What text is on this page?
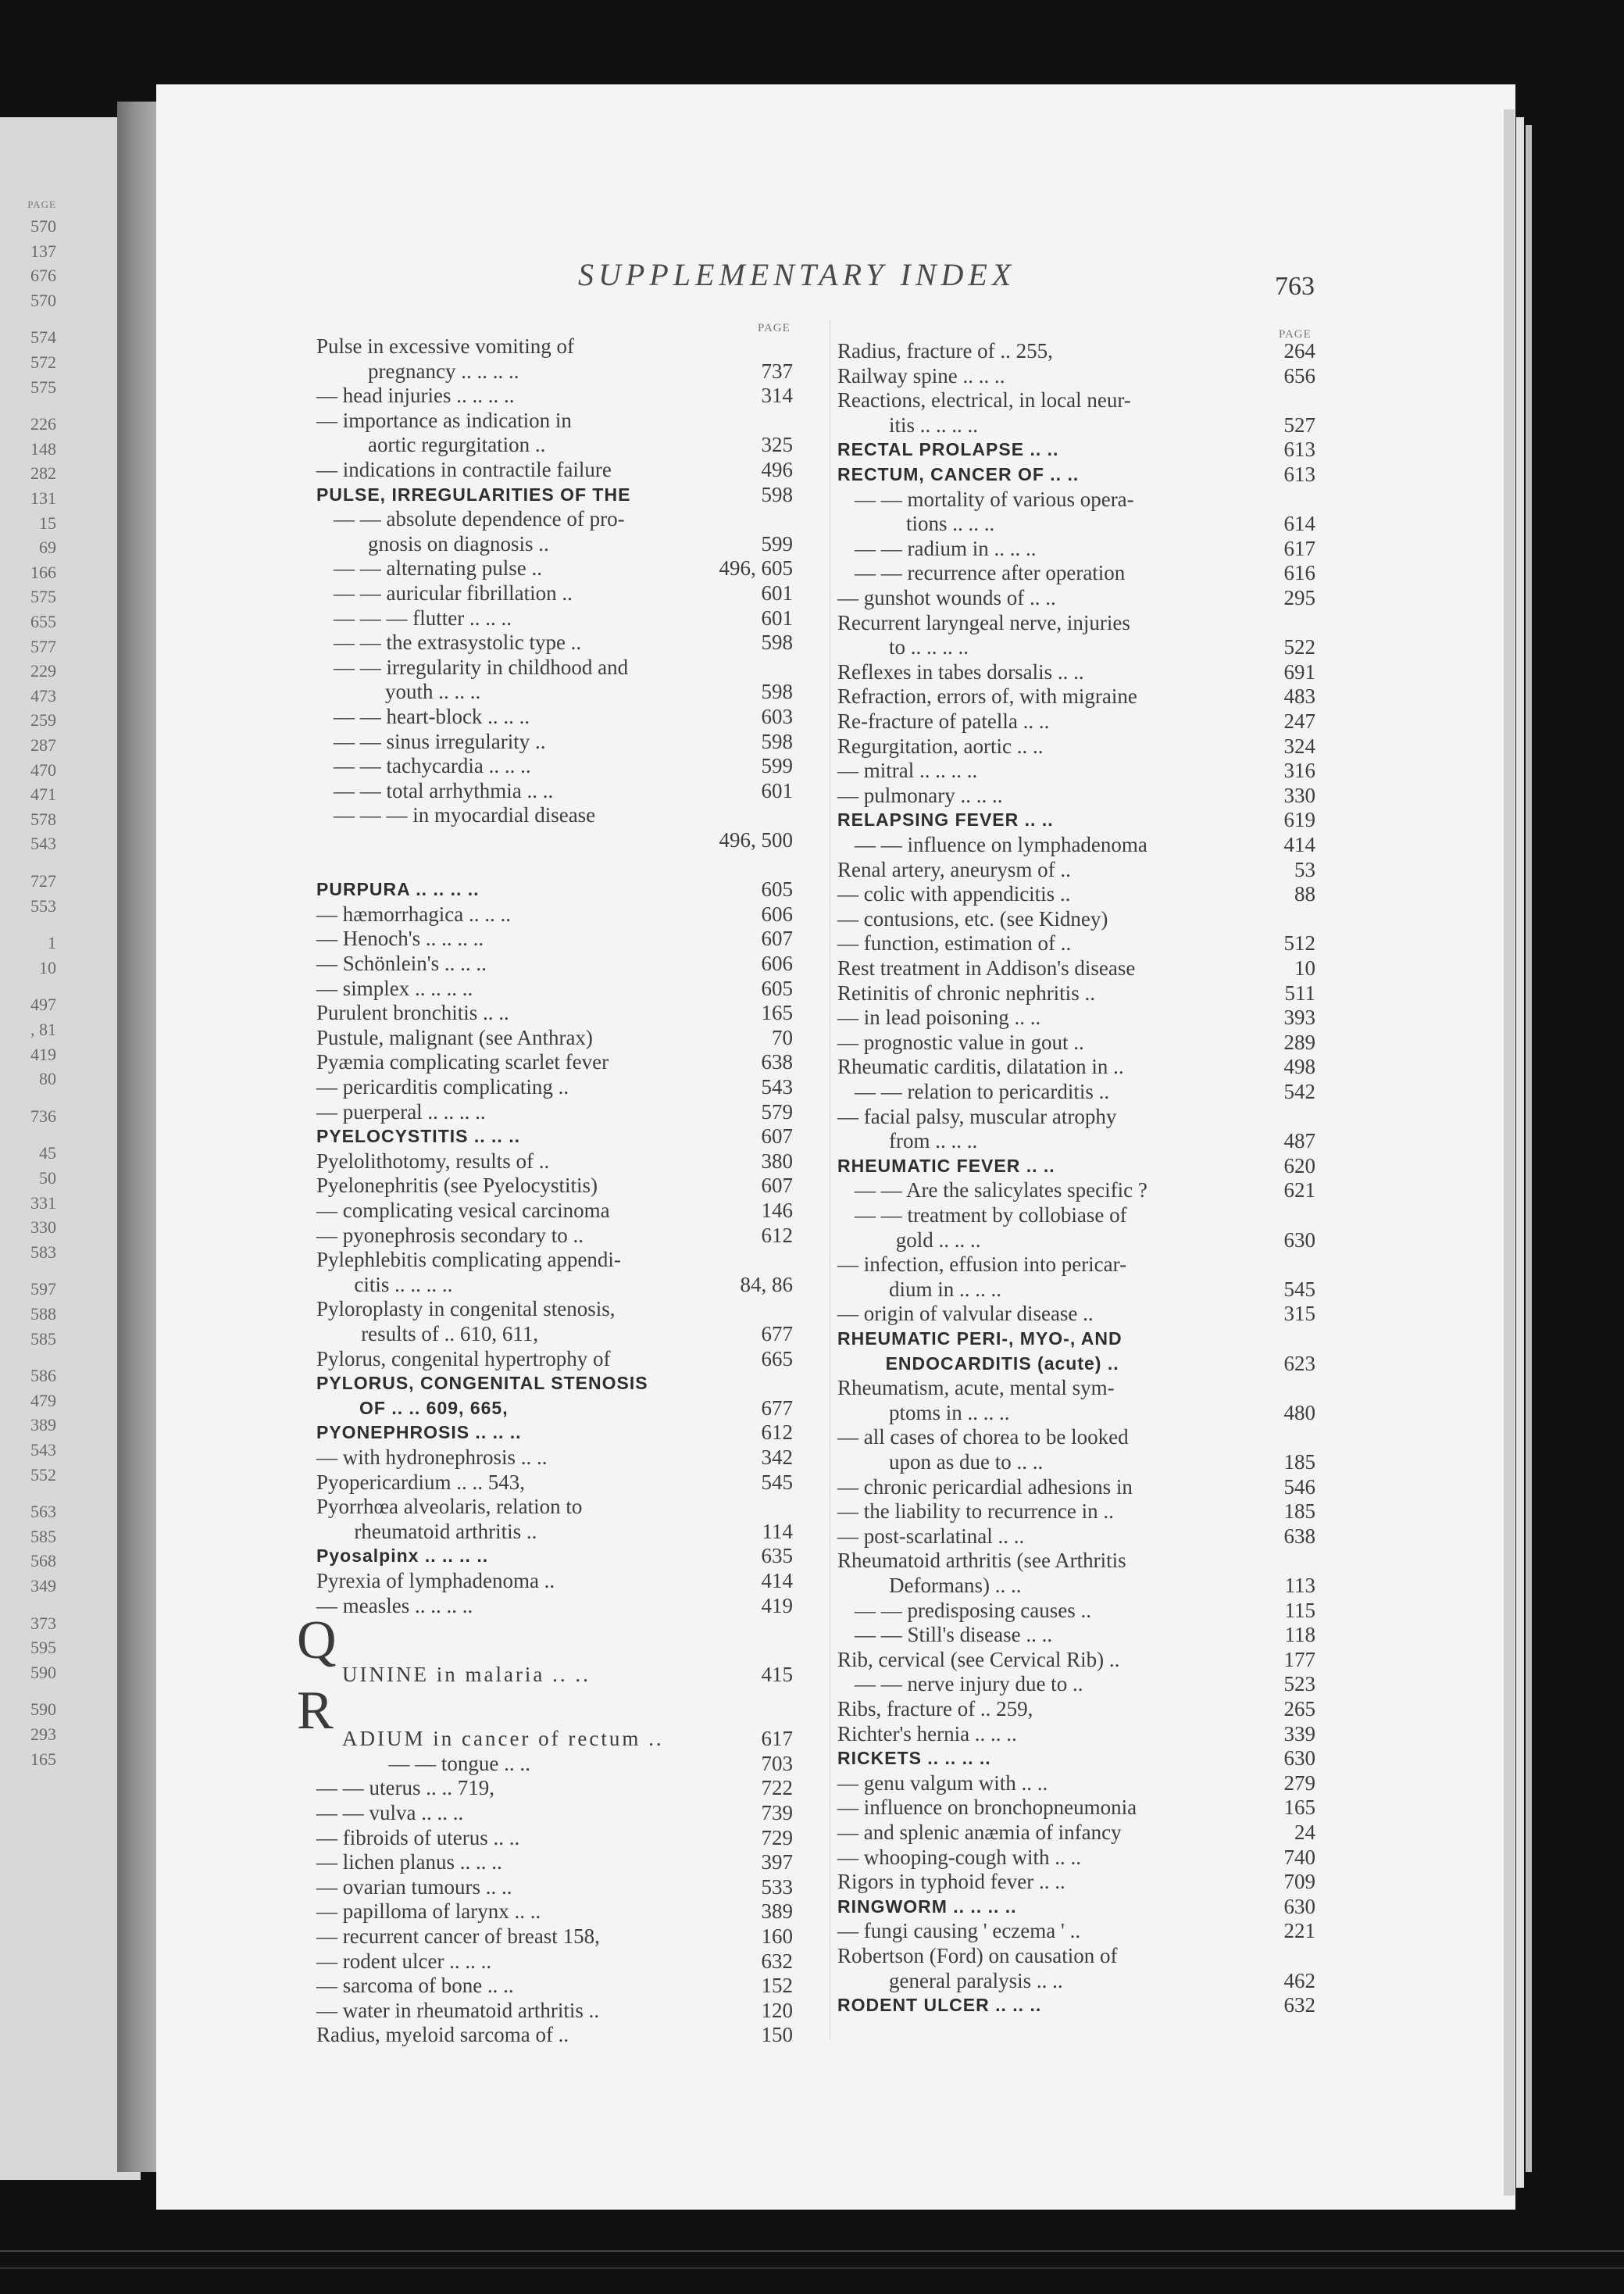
PAGE
570
137
676
570
574
572
575
226
148
282
131
15
69
166
575
655
577
229
473
259
287
470
471
578
543
727
553
1
10
497
, 81
419
80
736
45
50
331
330
583
597
588
585
586
479
389
543
552
563
585
568
349
373
595
590
590
293
165
SUPPLEMENTARY INDEX	763
PAGE	PAGE
Q
R
Pulse in excessive vomiting of
pregnancy .. .. .. ..	737
— head injuries .. .. .. ..	314
— importance as indication in
aortic regurgitation ..	325
— indications in contractile failure	496
PULSE, IRREGULARITIES OF THE	598
— — absolute dependence of pro-
gnosis on diagnosis ..	599
— — alternating pulse ..	496, 605
— — auricular fibrillation ..	601
— — — flutter .. .. ..	601
— — the extrasystolic type ..	598
— — irregularity in childhood and
youth .. .. ..	598
— — heart-block .. .. ..	603
— — sinus irregularity ..	598
— — tachycardia .. .. ..	599
— — total arrhythmia .. ..	601
— — — in myocardial disease
496, 500
PURPURA .. .. .. ..	605
— hæmorrhagica .. .. ..	606
— Henoch's .. .. .. ..	607
— Schönlein's .. .. ..	606
— simplex .. .. .. ..	605
Purulent bronchitis .. ..	165
Pustule, malignant (see Anthrax)	70
Pyæmia complicating scarlet fever	638
— pericarditis complicating ..	543
— puerperal .. .. .. ..	579
PYELOCYSTITIS .. .. ..	607
Pyelolithotomy, results of ..	380
Pyelonephritis (see Pyelocystitis)	607
— complicating vesical carcinoma	146
— pyonephrosis secondary to ..	612
Pylephlebitis complicating appendi-
citis .. .. .. ..	84, 86
Pyloroplasty in congenital stenosis,
results of .. 610, 611,	677
Pylorus, congenital hypertrophy of	665
PYLORUS, CONGENITAL STENOSIS
OF .. .. 609, 665,	677
PYONEPHROSIS .. .. ..	612
— with hydronephrosis .. ..	342
Pyopericardium .. .. 543,	545
Pyorrhœa alveolaris, relation to
rheumatoid arthritis ..	114
Pyosalpinx .. .. .. ..	635
Pyrexia of lymphadenoma ..	414
— measles .. .. .. ..	419
UININE in malaria .. ..	415
ADIUM in cancer of rectum ..	617
— — tongue .. ..	703
— — uterus .. .. 719,	722
— — vulva .. .. ..	739
— fibroids of uterus .. ..	729
— lichen planus .. .. ..	397
— ovarian tumours .. ..	533
— papilloma of larynx .. ..	389
— recurrent cancer of breast 158,	160
— rodent ulcer .. .. ..	632
— sarcoma of bone .. ..	152
— water in rheumatoid arthritis ..	120
Radius, myeloid sarcoma of ..	150
Radius, fracture of .. 255,	264
Railway spine .. .. ..	656
Reactions, electrical, in local neur-
itis .. .. .. ..	527
RECTAL PROLAPSE .. ..	613
RECTUM, CANCER OF .. ..	613
— — mortality of various opera-
tions .. .. ..	614
— — radium in .. .. ..	617
— — recurrence after operation	616
— gunshot wounds of .. ..	295
Recurrent laryngeal nerve, injuries
to .. .. .. ..	522
Reflexes in tabes dorsalis .. ..	691
Refraction, errors of, with migraine	483
Re-fracture of patella .. ..	247
Regurgitation, aortic .. ..	324
— mitral .. .. .. ..	316
— pulmonary .. .. ..	330
RELAPSING FEVER .. ..	619
— — influence on lymphadenoma	414
Renal artery, aneurysm of ..	53
— colic with appendicitis ..	88
— contusions, etc. (see Kidney)
— function, estimation of ..	512
Rest treatment in Addison's disease	10
Retinitis of chronic nephritis ..	511
— in lead poisoning .. ..	393
— prognostic value in gout ..	289
Rheumatic carditis, dilatation in ..	498
— — relation to pericarditis ..	542
— facial palsy, muscular atrophy
from .. .. ..	487
RHEUMATIC FEVER .. ..	620
— — Are the salicylates specific ?	621
— — treatment by collobiase of
gold .. .. ..	630
— infection, effusion into pericar-
dium in .. .. ..	545
— origin of valvular disease ..	315
RHEUMATIC PERI-, MYO-, AND
ENDOCARDITIS (acute) ..	623
Rheumatism, acute, mental sym-
ptoms in .. .. ..	480
— all cases of chorea to be looked
upon as due to .. ..	185
— chronic pericardial adhesions in	546
— the liability to recurrence in ..	185
— post-scarlatinal .. ..	638
Rheumatoid arthritis (see Arthritis
Deformans) .. ..	113
— — predisposing causes ..	115
— — Still's disease .. ..	118
Rib, cervical (see Cervical Rib) ..	177
— — nerve injury due to ..	523
Ribs, fracture of .. 259,	265
Richter's hernia .. .. ..	339
RICKETS .. .. .. ..	630
— genu valgum with .. ..	279
— influence on bronchopneumonia	165
— and splenic anæmia of infancy	24
— whooping-cough with .. ..	740
Rigors in typhoid fever .. ..	709
RINGWORM .. .. .. ..	630
— fungi causing ' eczema ' ..	221
Robertson (Ford) on causation of
general paralysis .. ..	462
RODENT ULCER .. .. ..	632
